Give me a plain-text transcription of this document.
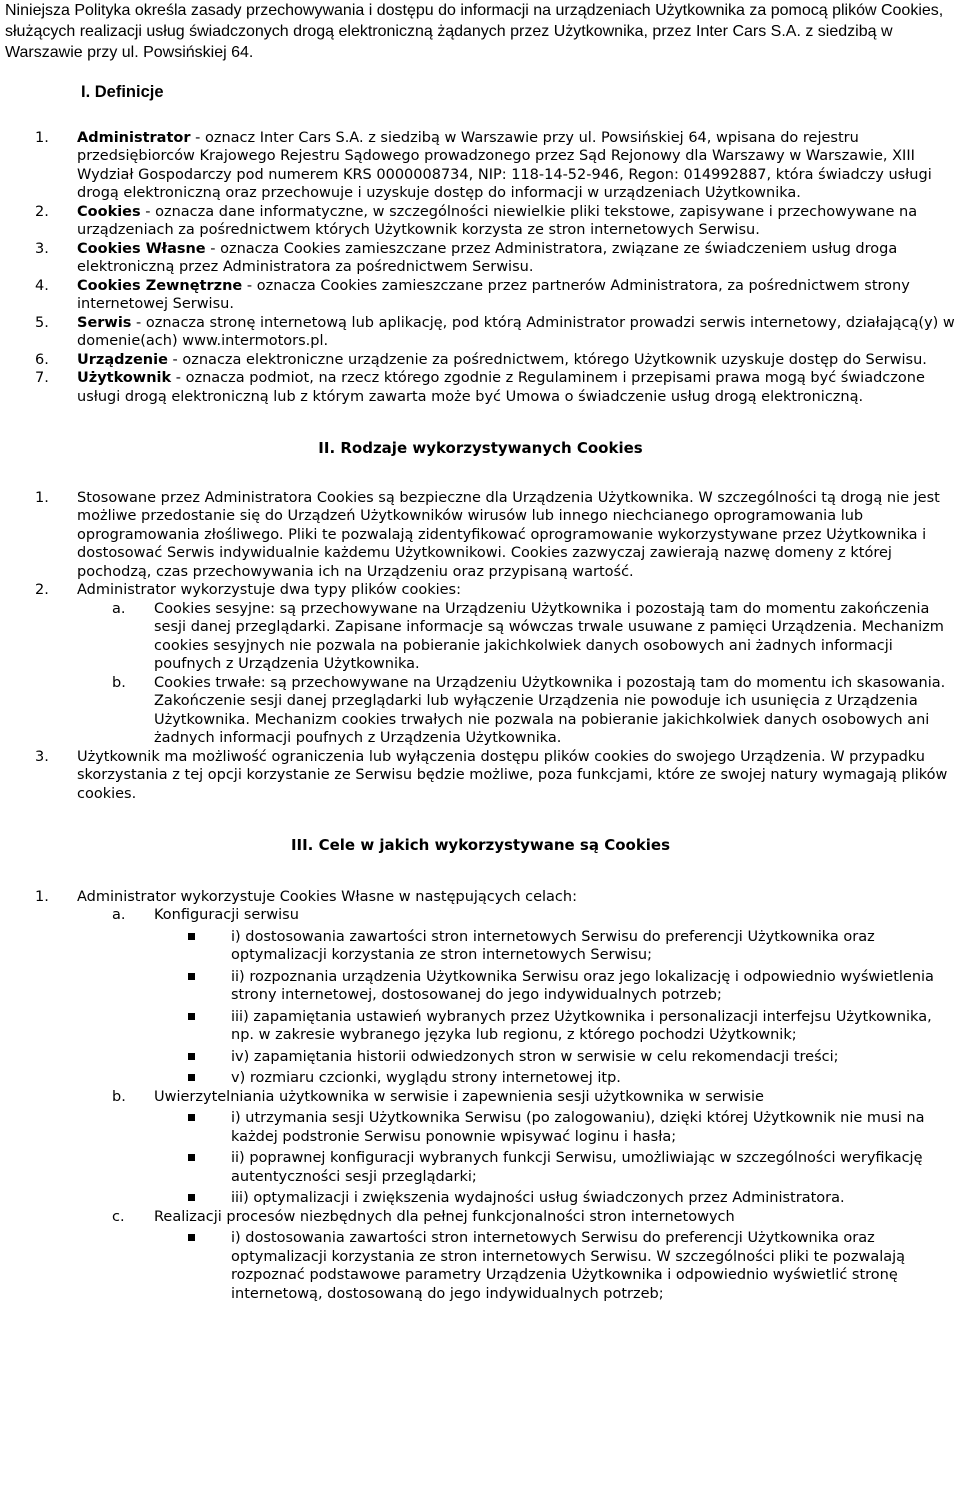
Niniejsza Polityka określa zasady przechowywania i dostępu do informacji na urządzeniach Użytkownika za pomocą plików Cookies, służących realizacji usług świadczonych drogą elektroniczną żądanych przez Użytkownika, przez Inter Cars S.A. z siedzibą w Warszawie przy ul. Powsińskiej 64.

I. Definicje
1. Administrator - oznacz Inter Cars S.A. z siedzibą w Warszawie przy ul. Powsińskiej 64, wpisana do rejestru przedsiębiorców Krajowego Rejestru Sądowego prowadzonego przez Sąd Rejonowy dla Warszawy w Warszawie, XIII Wydział Gospodarczy pod numerem KRS 0000008734, NIP: 118-14-52-946, Regon: 014992887, która świadczy usługi drogą elektroniczną oraz przechowuje i uzyskuje dostęp do informacji w urządzeniach Użytkownika.
2. Cookies - oznacza dane informatyczne, w szczególności niewielkie pliki tekstowe, zapisywane i przechowywane na urządzeniach za pośrednictwem których Użytkownik korzysta ze stron internetowych Serwisu.
3. Cookies Własne - oznacza Cookies zamieszczane przez Administratora, związane ze świadczeniem usług droga elektroniczną przez Administratora za pośrednictwem Serwisu.
4. Cookies Zewnętrzne - oznacza Cookies zamieszczane przez partnerów Administratora, za pośrednictwem strony internetowej Serwisu.
5. Serwis - oznacza stronę internetową lub aplikację, pod którą Administrator prowadzi serwis internetowy, działającą(y) w domenie(ach) www.intermotors.pl.
6. Urządzenie - oznacza elektroniczne urządzenie za pośrednictwem, którego Użytkownik uzyskuje dostęp do Serwisu.
7. Użytkownik - oznacza podmiot, na rzecz którego zgodnie z Regulaminem i przepisami prawa mogą być świadczone usługi drogą elektroniczną lub z którym zawarta może być Umowa o świadczenie usług drogą elektroniczną.
II. Rodzaje wykorzystywanych Cookies
1. Stosowane przez Administratora Cookies są bezpieczne dla Urządzenia Użytkownika. W szczególności tą drogą nie jest możliwe przedostanie się do Urządzeń Użytkowników wirusów lub innego niechcianego oprogramowania lub oprogramowania złośliwego. Pliki te pozwalają zidentyfikować oprogramowanie wykorzystywane przez Użytkownika i dostosować Serwis indywidualnie każdemu Użytkownikowi. Cookies zazwyczaj zawierają nazwę domeny z której pochodzą, czas przechowywania ich na Urządzeniu oraz przypisaną wartość.
2. Administrator wykorzystuje dwa typy plików cookies:
a. Cookies sesyjne: są przechowywane na Urządzeniu Użytkownika i pozostają tam do momentu zakończenia sesji danej przeglądarki. Zapisane informacje są wówczas trwale usuwane z pamięci Urządzenia. Mechanizm cookies sesyjnych nie pozwala na pobieranie jakichkolwiek danych osobowych ani żadnych informacji poufnych z Urządzenia Użytkownika.
b. Cookies trwałe: są przechowywane na Urządzeniu Użytkownika i pozostają tam do momentu ich skasowania. Zakończenie sesji danej przeglądarki lub wyłączenie Urządzenia nie powoduje ich usunięcia z Urządzenia Użytkownika. Mechanizm cookies trwałych nie pozwala na pobieranie jakichkolwiek danych osobowych ani żadnych informacji poufnych z Urządzenia Użytkownika.
3. Użytkownik ma możliwość ograniczenia lub wyłączenia dostępu plików cookies do swojego Urządzenia. W przypadku skorzystania z tej opcji korzystanie ze Serwisu będzie możliwe, poza funkcjami, które ze swojej natury wymagają plików cookies.
III. Cele w jakich wykorzystywane są Cookies
1. Administrator wykorzystuje Cookies Własne w następujących celach:
a. Konfiguracji serwisu
i) dostosowania zawartości stron internetowych Serwisu do preferencji Użytkownika oraz optymalizacji korzystania ze stron internetowych Serwisu;
ii) rozpoznania urządzenia Użytkownika Serwisu oraz jego lokalizację i odpowiednio wyświetlenia strony internetowej, dostosowanej do jego indywidualnych potrzeb;
iii) zapamiętania ustawień wybranych przez Użytkownika i personalizacji interfejsu Użytkownika, np. w zakresie wybranego języka lub regionu, z którego pochodzi Użytkownik;
iv) zapamiętania historii odwiedzonych stron w serwisie w celu rekomendacji treści;
v) rozmiaru czcionki, wyglądu strony internetowej itp.
b. Uwierzytelniania użytkownika w serwisie i zapewnienia sesji użytkownika w serwisie
i) utrzymania sesji Użytkownika Serwisu (po zalogowaniu), dzięki której Użytkownik nie musi na każdej podstronie Serwisu ponownie wpisywać loginu i hasła;
ii) poprawnej konfiguracji wybranych funkcji Serwisu, umożliwiając w szczególności weryfikację autentyczności sesji przeglądarki;
iii) optymalizacji i zwiększenia wydajności usług świadczonych przez Administratora.
c. Realizacji procesów niezbędnych dla pełnej funkcjonalności stron internetowych
i) dostosowania zawartości stron internetowych Serwisu do preferencji Użytkownika oraz optymalizacji korzystania ze stron internetowych Serwisu. W szczególności pliki te pozwalają rozpoznać podstawowe parametry Urządzenia Użytkownika i odpowiednio wyświetlić stronę internetową, dostosowaną do jego indywidualnych potrzeb;
